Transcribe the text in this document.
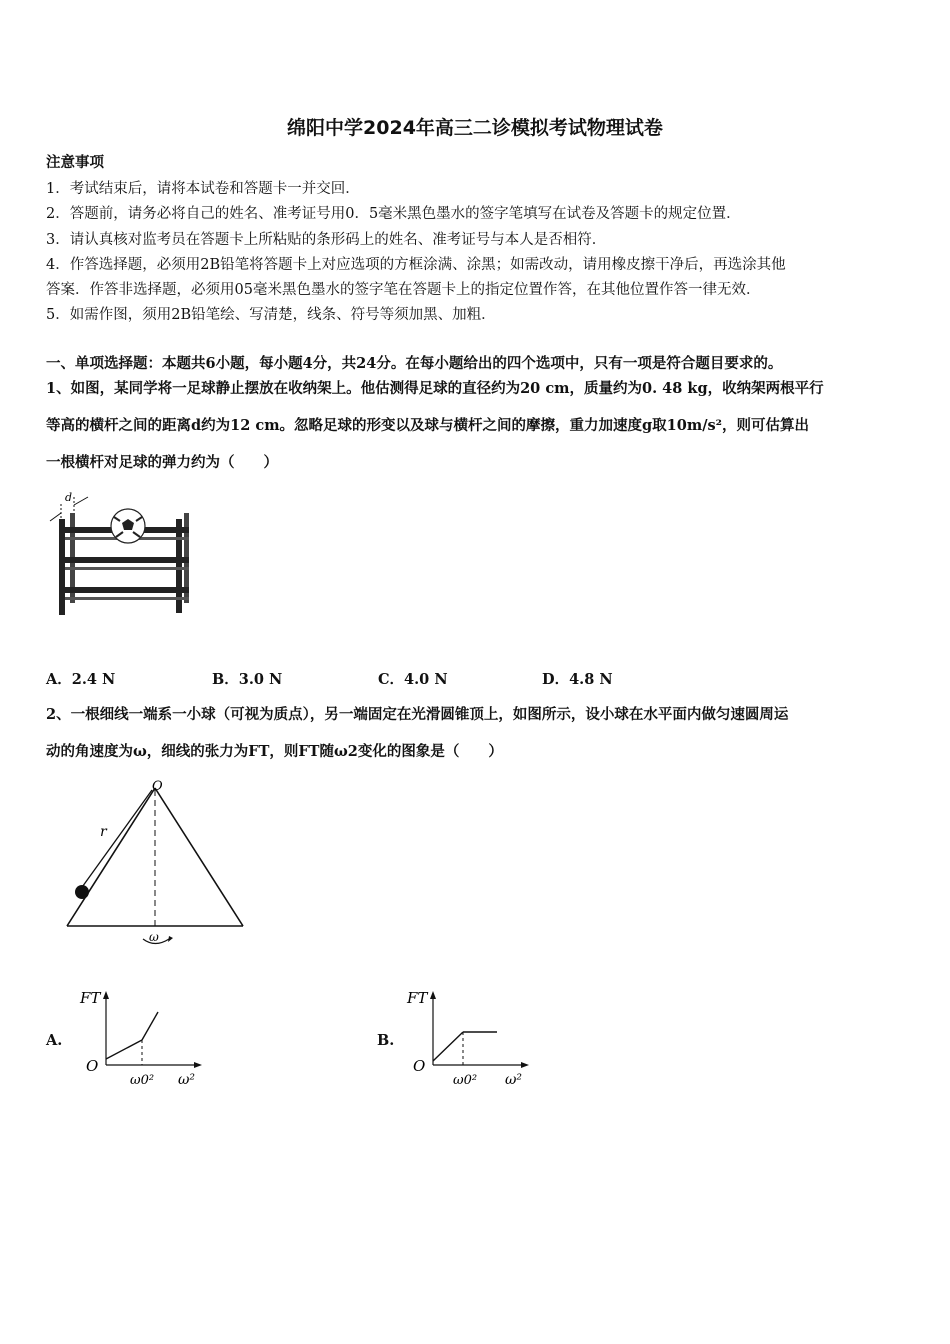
绵阳中学2024年高三二诊模拟考试物理试卷
注意事项
1．考试结束后，请将本试卷和答题卡一并交回．
2．答题前，请务必将自己的姓名、准考证号用0．5毫米黑色墨水的签字笔填写在试卷及答题卡的规定位置．
3．请认真核对监考员在答题卡上所粘贴的条形码上的姓名、准考证号与本人是否相符．
4．作答选择题，必须用2B铅笔将答题卡上对应选项的方框涂满、涂黑；如需改动，请用橡皮擦干净后，再选涂其他
答案．作答非选择题，必须用05毫米黑色墨水的签字笔在答题卡上的指定位置作答，在其他位置作答一律无效．
5．如需作图，须用2B铅笔绘、写清楚，线条、符号等须加黑、加粗．
一、单项选择题：本题共6小题，每小题4分，共24分。在每小题给出的四个选项中，只有一项是符合题目要求的。
1、如图，某同学将一足球静止摆放在收纳架上。他估测得足球的直径约为20 cm，质量约为0. 48 kg，收纳架两根平行
等高的横杆之间的距离d约为12 cm。忽略足球的形变以及球与横杆之间的摩擦，重力加速度g取10m/s²，则可估算出
一根横杆对足球的弹力约为（　　）
d
A．2.4 N	B．3.0 N	C．4.0 N	D．4.8 N
2、一根细线一端系一小球（可视为质点），另一端固定在光滑圆锥顶上，如图所示，设小球在水平面内做匀速圆周运
动的角速度为ω，细线的张力为FT，则FT随ω2变化的图象是（　　）
O
r
ω
A.
FT
O
ω0² ω²
B.
FT
O
ω0² ω²
